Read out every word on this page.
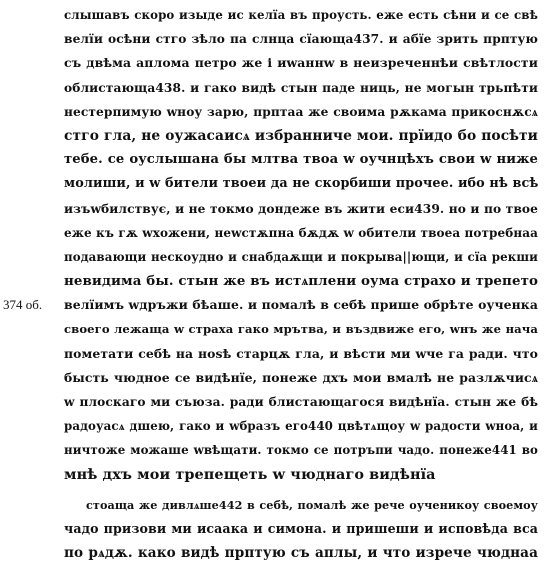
374 об.
слышавъ скоро изыде ис келїа въ проусть. еже есть сѣни и се свѣ
велїи осѣни стго зѣло па слнца сїающа437. и абїе зрить прптую
съ двѣма апломa петро же і иwаннw в неизреченнѣи свѣтлости
облистающа438. и гако видѣ стын паде ниць, не могын трьпѣти
нестерпимую wноу зарю, прптаа же своима рѫкама прикоснѫсѧ
стго гла, не оужасаисѧ избранниче мои. прїидо бо посѣти
тебе. се оуслышана бы млтва твоа w оучнцѣхъ свои w ниже
молиши, и w бители твоеи да не скорбиши прочее. ибо нѣ всѣ
изъwбилствує, и не токмо дондеже въ жити еси439. но и по твое
еже къ гѫ wхожени, неwстѫпна бѫдѫ w обители твоеа потребнаа
подавающи нескоудно и снабдаѫщи и покрыва||ющи, и сїа рекши
невидима бы. стын же въ истѧплени оума страхо и трепето
велїимъ wдръжи бѣаше. и помалѣ в себѣ прише обрѣте оученка
своего лежаща w страха гако мрътва, и въздвиже его, wнъ же нача
пометати себѣ на ноѕѣ старцѫ гла, и вѣсти ми wче га ради. что
бысть чюдное се видѣнїе, понеже дхъ мои вмалѣ не разлѫчисѧ
w плоскаго ми съюза. ради блистающагося видѣнїа. стын же бѣ
радоуасѧ дшею, гако и wбразъ его440 цвѣтѧщоу w радости wноа, и
ничтоже можаше wвѣщати. токмо се потръпи чадо. понеже441 во
мнѣ дхъ мои трепещеть w чюднаго видѣнїа
стоаща же дивлѧше442 в себѣ, помалѣ же рече оученикоу своемоу
чадо призови ми исаака и симона. и пришеши и исповѣда вса
по рѧдѫ. како видѣ прптую съ аплы, и что изрече чюднаа
